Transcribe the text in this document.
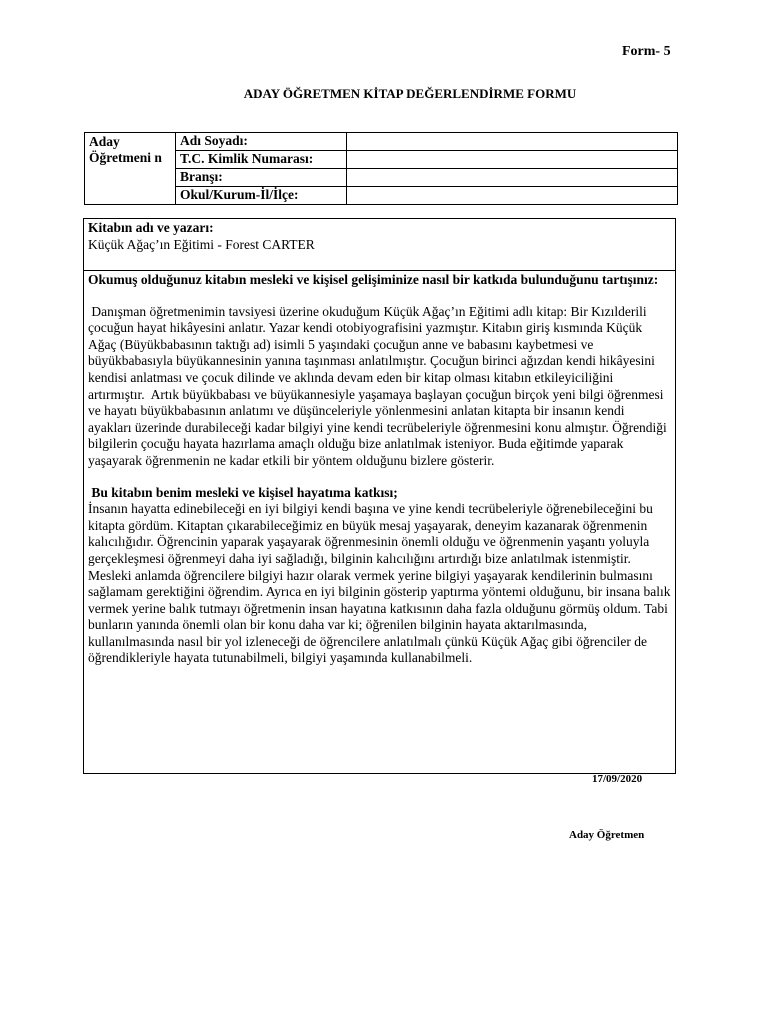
Form- 5
ADAY ÖĞRETMEN KİTAP DEĞERLENDİRME FORMU
Aday Öğretmeni n	Adı Soyadı:	
	T.C. Kimlik Numarası:	
	Branşı:	
	Okul/Kurum-İl/İlçe:	
Kitabın adı ve yazarı:
Küçük Ağaç’ın Eğitimi - Forest CARTER

Okumuş olduğunuz kitabın mesleki ve kişisel gelişiminize nasıl bir katkıda bulunduğunu tartışınız:

Danışman öğretmenimin tavsiyesi üzerine okuduğum Küçük Ağaç’ın Eğitimi adlı kitap: Bir Kızılderili çocuğun hayat hikâyesini anlatır. Yazar kendi otobiyografisini yazmıştır. Kitabın giriş kısmında Küçük Ağaç (Büyükbabasının taktığı ad) isimli 5 yaşındaki çocuğun anne ve babasını kaybetmesi ve büyükbabasıyla büyükannesinin yanına taşınması anlatılmıştır. Çocuğun birinci ağızdan kendi hikâyesini kendisi anlatması ve çocuk dilinde ve aklında devam eden bir kitap olması kitabın etkileyiciliğini artırmıştır.  Artık büyükbabası ve büyükannesiyle yaşamaya başlayan çocuğun birçok yeni bilgi öğrenmesi ve hayatı büyükbabasının anlatımı ve düşünceleriyle yönlenmesini anlatan kitapta bir insanın kendi ayakları üzerinde durabileceği kadar bilgiyi yine kendi tecrübeleriyle öğrenmesini konu almıştır. Öğrendiği bilgilerin çocuğu hayata hazırlama amaçlı olduğu bize anlatılmak isteniyor. Buda eğitimde yaparak yaşayarak öğrenmenin ne kadar etkili bir yöntem olduğunu bizlere gösterir.

Bu kitabın benim mesleki ve kişisel hayatıma katkısı;

İnsanın hayatta edinebileceği en iyi bilgiyi kendi başına ve yine kendi tecrübeleriyle öğrenebileceğini bu kitapta gördüm. Kitaptan çıkarabileceğimiz en büyük mesaj yaşayarak, deneyim kazanarak öğrenmenin kalıcılığıdır. Öğrencinin yaparak yaşayarak öğrenmesinin önemli olduğu ve öğrenmenin yaşantı yoluyla gerçekleşmesi öğrenmeyi daha iyi sağladığı, bilginin kalıcılığını artırdığı bize anlatılmak istenmiştir. Mesleki anlamda öğrencilere bilgiyi hazır olarak vermek yerine bilgiyi yaşayarak kendilerinin bulmasını sağlamam gerektiğini öğrendim. Ayrıca en iyi bilginin gösterip yaptırma yöntemi olduğunu, bir insana balık vermek yerine balık tutmayı öğretmenin insan hayatına katkısının daha fazla olduğunu görmüş oldum. Tabi bunların yanında önemli olan bir konu daha var ki; öğrenilen bilginin hayata aktarılmasında, kullanılmasında nasıl bir yol izleneceği de öğrencilere anlatılmalı çünkü Küçük Ağaç gibi öğrenciler de öğrendikleriyle hayata tutunabilmeli, bilgiyi yaşamında kullanabilmeli.

17/09/2020
Aday Öğretmen
